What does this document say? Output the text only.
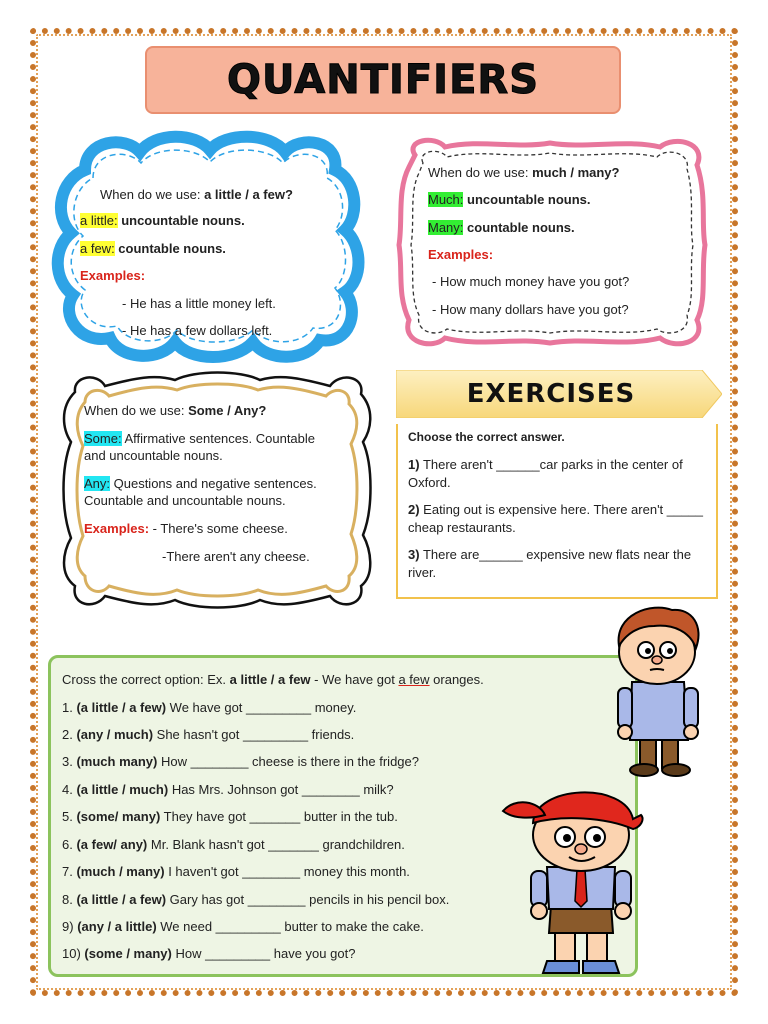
QUANTIFIERS
When do we use: a little / a few?
a little: uncountable nouns.
a few: countable nouns.
Examples:
- He has a little money left.
- He has a few dollars left.
When do we use: much / many?
Much: uncountable nouns.
Many: countable nouns.
Examples:
- How much money have you got?
- How many dollars have you got?
When do we use: Some / Any?
Some: Affirmative sentences. Countable
and uncountable nouns.
Any: Questions and negative sentences.
Countable and uncountable nouns.
Examples: - There's some cheese.
-There aren't any cheese.
EXERCISES
Choose the correct answer.
1) There aren't ______car parks in the center of Oxford.
2) Eating out is expensive here. There aren't _____ cheap restaurants.
3) There are______ expensive new flats near the river.
Cross the correct option: Ex. a little / a few - We have got a few oranges.
1. (a little / a few) We have got _________ money.
2. (any / much) She hasn't got _________ friends.
3. (much many) How ________ cheese is there in the fridge?
4. (a little / much) Has Mrs. Johnson got ________ milk?
5. (some/ many) They have got _______ butter in the tub.
6. (a few/ any) Mr. Blank hasn't got _______ grandchildren.
7. (much / many) I haven't got ________ money this month.
8. (a little / a few) Gary has got ________ pencils in his pencil box.
9) (any / a little) We need _________ butter to make the cake.
10) (some / many) How _________ have you got?
